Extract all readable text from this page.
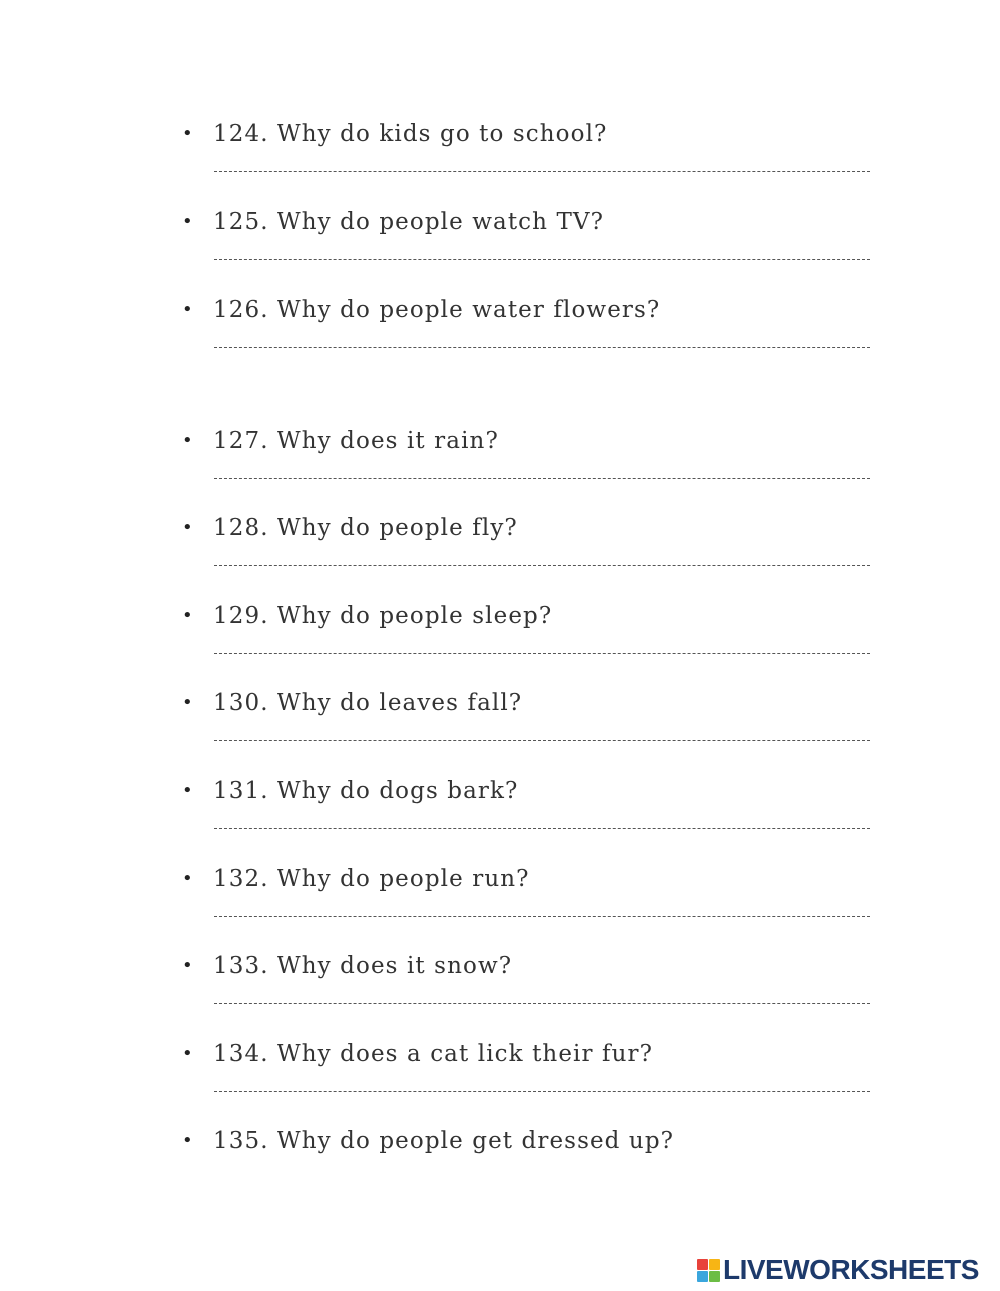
• 124. Why do kids go to school?
• 125. Why do people watch TV?
• 126. Why do people water flowers?
• 127. Why does it rain?
• 128. Why do people fly?
• 129. Why do people sleep?
• 130. Why do leaves fall?
• 131. Why do dogs bark?
• 132. Why do people run?
• 133. Why does it snow?
• 134. Why does a cat lick their fur?
• 135. Why do people get dressed up?
LIVEWORKSHEETS
